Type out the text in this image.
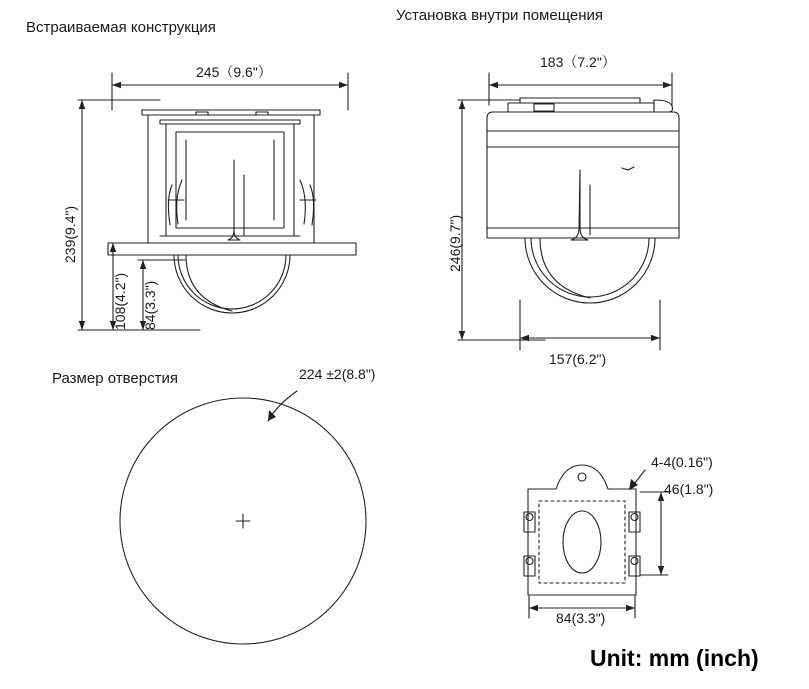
Встраиваемая конструкция
Установка внутри помещения
Размер отверстия
245（9.6"）
239(9.4")
108(4.2") 84(3.3")
183（7.2"）
246(9.7")
157(6.2")
224 ±2(8.8")
4-4(0.16")
46(1.8")
84(3.3")
Unit: mm (inch)
